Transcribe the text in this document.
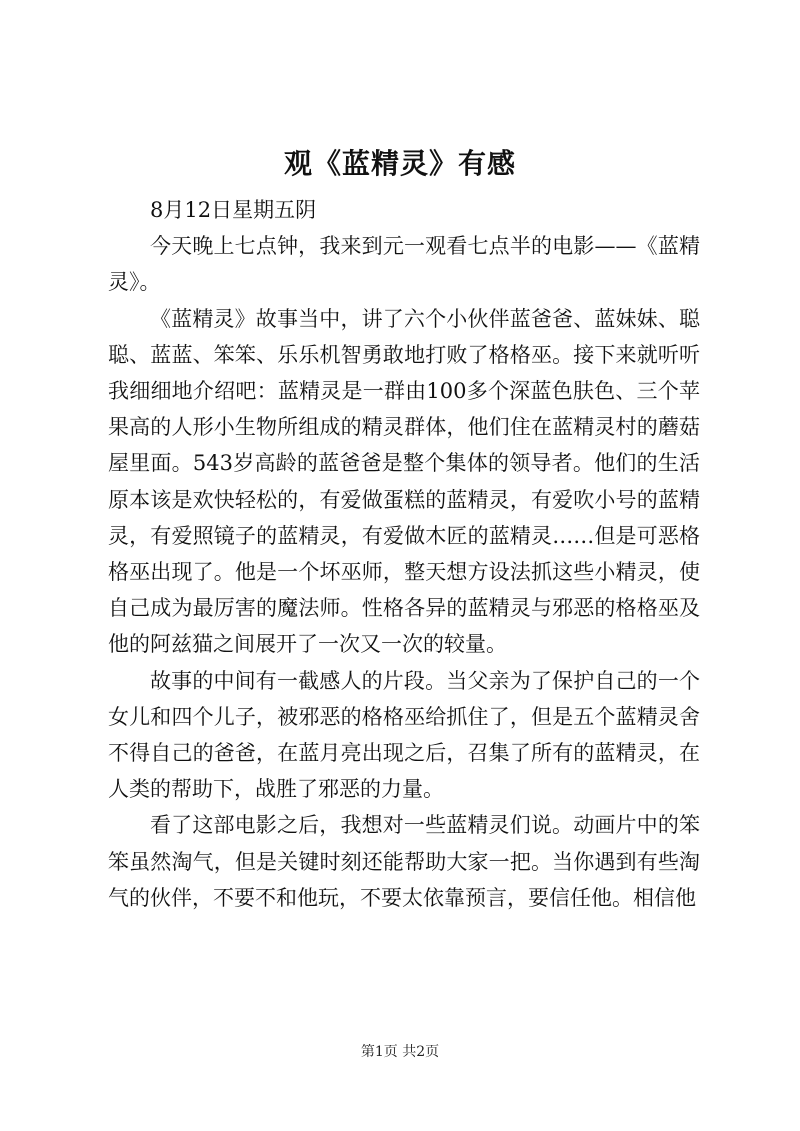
观《蓝精灵》有感

8月12日星期五阴

今天晚上七点钟，我来到元一观看七点半的电影——《蓝精灵》。

《蓝精灵》故事当中，讲了六个小伙伴蓝爸爸、蓝妹妹、聪聪、蓝蓝、笨笨、乐乐机智勇敢地打败了格格巫。接下来就听听我细细地介绍吧：蓝精灵是一群由100多个深蓝色肤色、三个苹果高的人形小生物所组成的精灵群体，他们住在蓝精灵村的蘑菇屋里面。543岁高龄的蓝爸爸是整个集体的领导者。他们的生活原本该是欢快轻松的，有爱做蛋糕的蓝精灵，有爱吹小号的蓝精灵，有爱照镜子的蓝精灵，有爱做木匠的蓝精灵……但是可恶格格巫出现了。他是一个坏巫师，整天想方设法抓这些小精灵，使自己成为最厉害的魔法师。性格各异的蓝精灵与邪恶的格格巫及他的阿兹猫之间展开了一次又一次的较量。

故事的中间有一截感人的片段。当父亲为了保护自己的一个女儿和四个儿子，被邪恶的格格巫给抓住了，但是五个蓝精灵舍不得自己的爸爸，在蓝月亮出现之后，召集了所有的蓝精灵，在人类的帮助下，战胜了邪恶的力量。

看了这部电影之后，我想对一些蓝精灵们说。动画片中的笨笨虽然淘气，但是关键时刻还能帮助大家一把。当你遇到有些淘气的伙伴，不要不和他玩，不要太依靠预言，要信任他。相信他

第1页 共2页
